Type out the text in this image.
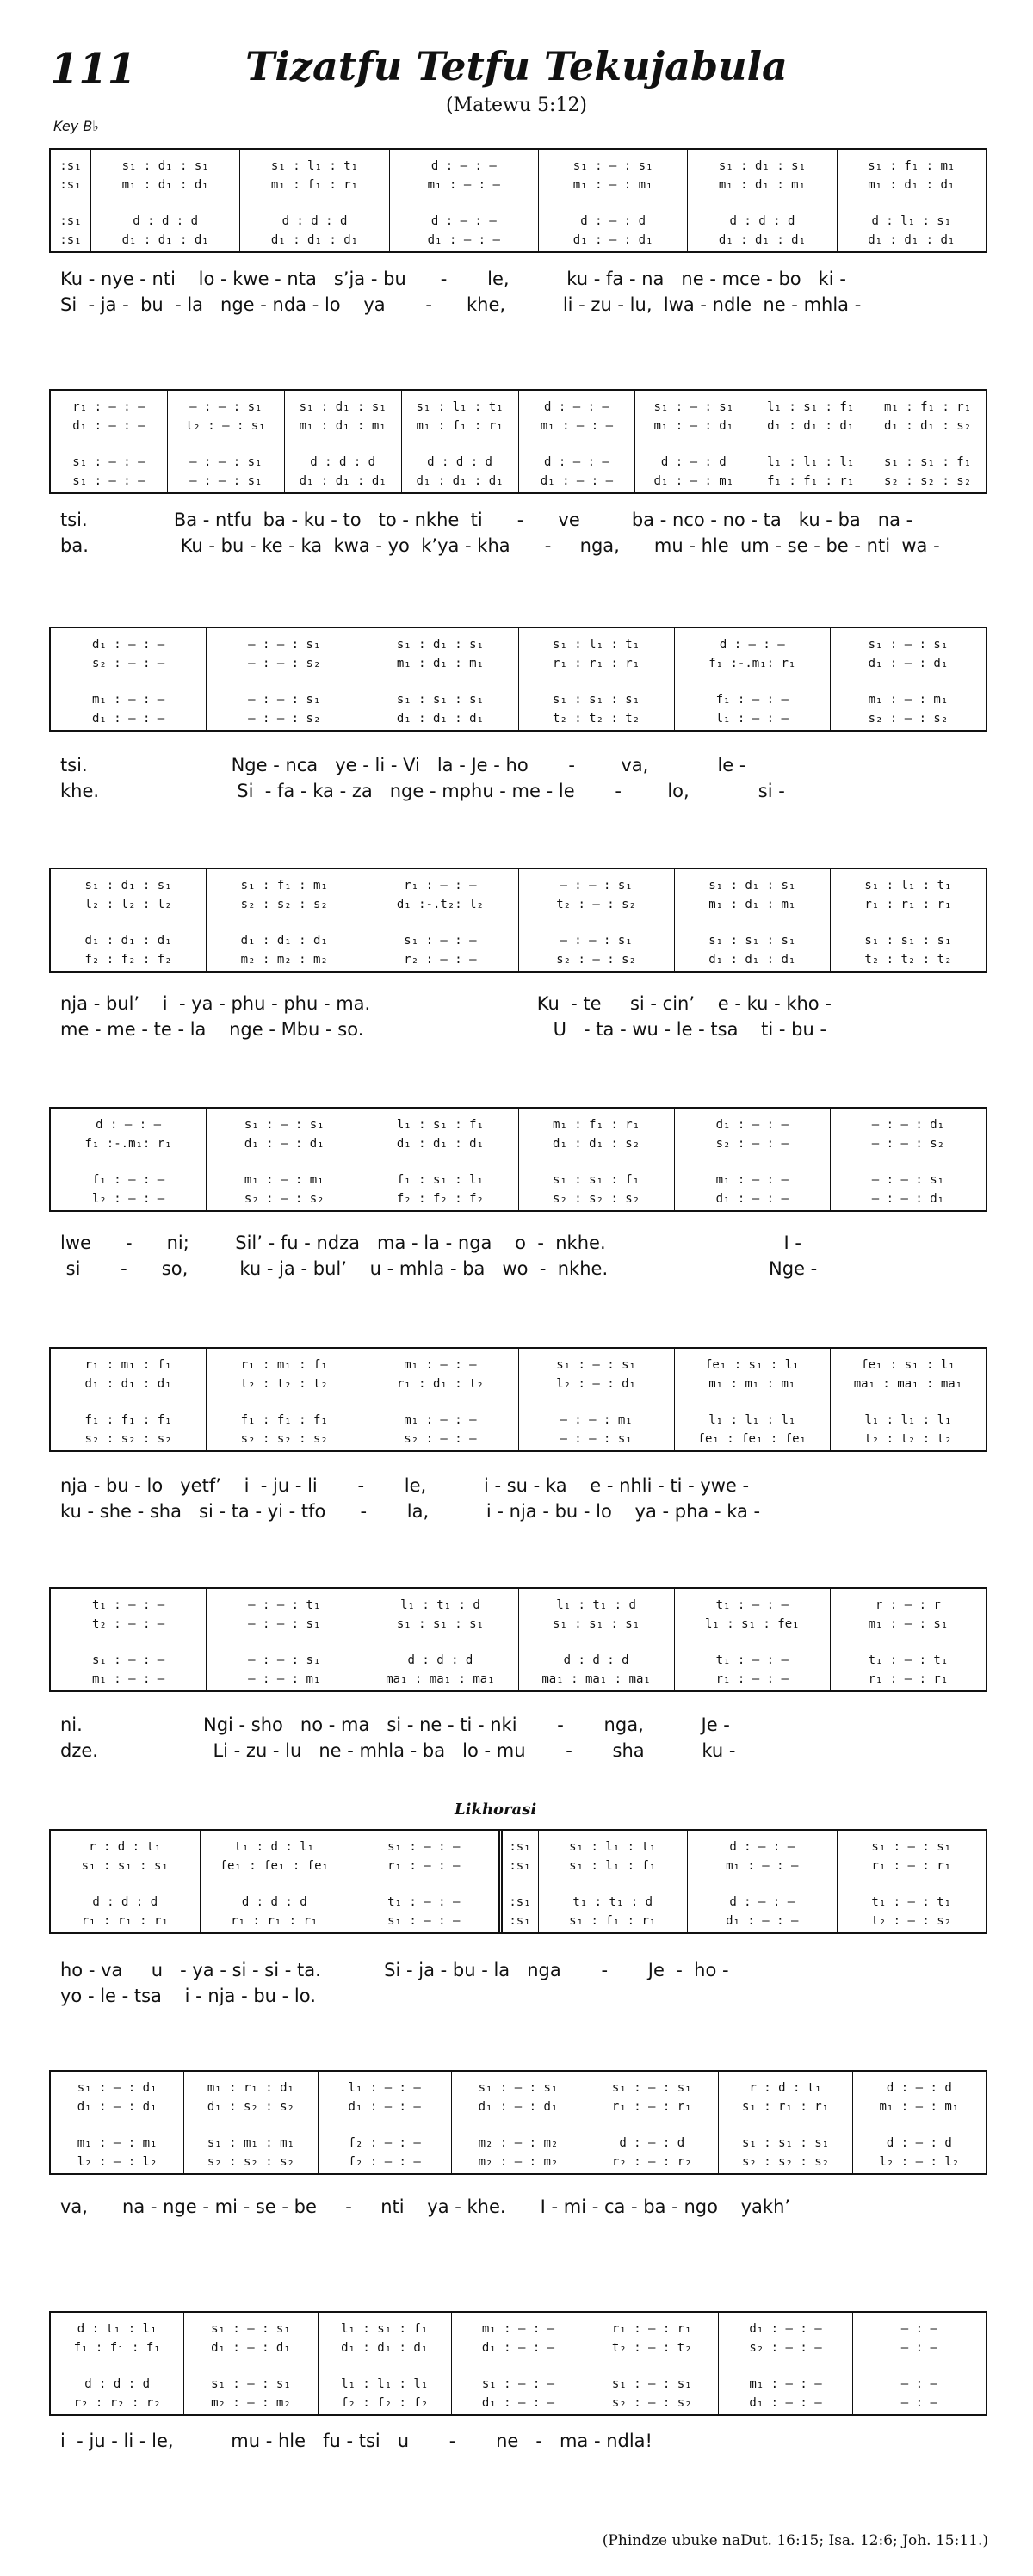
111	Tizatfu Tetfu Tekujabula
(Matewu 5:12)
Key B♭
:s₁
:s₁
:s₁
:s₁
s₁ : d₁ : s₁
m₁ : d₁ : d₁
d : d : d
d₁ : d₁ : d₁
s₁ : l₁ : t₁
m₁ : f₁ : r₁
d : d : d
d₁ : d₁ : d₁
d : — : —
m₁ : — : —
d : — : —
d₁ : — : —
s₁ : — : s₁
m₁ : — : m₁
d : — : d
d₁ : — : d₁
s₁ : d₁ : s₁
m₁ : d₁ : m₁
d : d : d
d₁ : d₁ : d₁
s₁ : f₁ : m₁
m₁ : d₁ : d₁
d : l₁ : s₁
d₁ : d₁ : d₁
r₁ : — : —
d₁ : — : —
s₁ : — : —
s₁ : — : —
— : — : s₁
t₂ : — : s₁
— : — : s₁
— : — : s₁
s₁ : d₁ : s₁
m₁ : d₁ : m₁
d : d : d
d₁ : d₁ : d₁
s₁ : l₁ : t₁
m₁ : f₁ : r₁
d : d : d
d₁ : d₁ : d₁
d : — : —
m₁ : — : —
d : — : —
d₁ : — : —
s₁ : — : s₁
m₁ : — : d₁
d : — : d
d₁ : — : m₁
l₁ : s₁ : f₁
d₁ : d₁ : d₁
l₁ : l₁ : l₁
f₁ : f₁ : r₁
m₁ : f₁ : r₁
d₁ : d₁ : s₂
s₁ : s₁ : f₁
s₂ : s₂ : s₂
d₁ : — : —
s₂ : — : —
m₁ : — : —
d₁ : — : —
— : — : s₁
— : — : s₂
— : — : s₁
— : — : s₂
s₁ : d₁ : s₁
m₁ : d₁ : m₁
s₁ : s₁ : s₁
d₁ : d₁ : d₁
s₁ : l₁ : t₁
r₁ : r₁ : r₁
s₁ : s₁ : s₁
t₂ : t₂ : t₂
d : — : —
f₁ :-.m₁: r₁
f₁ : — : —
l₁ : — : —
s₁ : — : s₁
d₁ : — : d₁
m₁ : — : m₁
s₂ : — : s₂
s₁ : d₁ : s₁
l₂ : l₂ : l₂
d₁ : d₁ : d₁
f₂ : f₂ : f₂
s₁ : f₁ : m₁
s₂ : s₂ : s₂
d₁ : d₁ : d₁
m₂ : m₂ : m₂
r₁ : — : —
d₁ :-.t₂: l₂
s₁ : — : —
r₂ : — : —
— : — : s₁
t₂ : — : s₂
— : — : s₁
s₂ : — : s₂
s₁ : d₁ : s₁
m₁ : d₁ : m₁
s₁ : s₁ : s₁
d₁ : d₁ : d₁
s₁ : l₁ : t₁
r₁ : r₁ : r₁
s₁ : s₁ : s₁
t₂ : t₂ : t₂
d : — : —
f₁ :-.m₁: r₁
f₁ : — : —
l₂ : — : —
s₁ : — : s₁
d₁ : — : d₁
m₁ : — : m₁
s₂ : — : s₂
l₁ : s₁ : f₁
d₁ : d₁ : d₁
f₁ : s₁ : l₁
f₂ : f₂ : f₂
m₁ : f₁ : r₁
d₁ : d₁ : s₂
s₁ : s₁ : f₁
s₂ : s₂ : s₂
d₁ : — : —
s₂ : — : —
m₁ : — : —
d₁ : — : —
— : — : d₁
— : — : s₂
— : — : s₁
— : — : d₁
r₁ : m₁ : f₁
d₁ : d₁ : d₁
f₁ : f₁ : f₁
s₂ : s₂ : s₂
r₁ : m₁ : f₁
t₂ : t₂ : t₂
f₁ : f₁ : f₁
s₂ : s₂ : s₂
m₁ : — : —
r₁ : d₁ : t₂
m₁ : — : —
s₂ : — : —
s₁ : — : s₁
l₂ : — : d₁
— : — : m₁
— : — : s₁
fe₁ : s₁ : l₁
m₁ : m₁ : m₁
l₁ : l₁ : l₁
fe₁ : fe₁ : fe₁
fe₁ : s₁ : l₁
ma₁ : ma₁ : ma₁
l₁ : l₁ : l₁
t₂ : t₂ : t₂
t₁ : — : —
t₂ : — : —
s₁ : — : —
m₁ : — : —
— : — : t₁
— : — : s₁
— : — : s₁
— : — : m₁
l₁ : t₁ : d
s₁ : s₁ : s₁
d : d : d
ma₁ : ma₁ : ma₁
l₁ : t₁ : d
s₁ : s₁ : s₁
d : d : d
ma₁ : ma₁ : ma₁
t₁ : — : —
l₁ : s₁ : fe₁
t₁ : — : —
r₁ : — : —
r : — : r
m₁ : — : s₁
t₁ : — : t₁
r₁ : — : r₁
r : d : t₁
s₁ : s₁ : s₁
d : d : d
r₁ : r₁ : r₁
t₁ : d : l₁
fe₁ : fe₁ : fe₁
d : d : d
r₁ : r₁ : r₁
s₁ : — : —
r₁ : — : —
t₁ : — : —
s₁ : — : —
:s₁
:s₁
:s₁
:s₁
s₁ : l₁ : t₁
s₁ : l₁ : f₁
t₁ : t₁ : d
s₁ : f₁ : r₁
d : — : —
m₁ : — : —
d : — : —
d₁ : — : —
s₁ : — : s₁
r₁ : — : r₁
t₁ : — : t₁
t₂ : — : s₂
s₁ : — : d₁
d₁ : — : d₁
m₁ : — : m₁
l₂ : — : l₂
m₁ : r₁ : d₁
d₁ : s₂ : s₂
s₁ : m₁ : m₁
s₂ : s₂ : s₂
l₁ : — : —
d₁ : — : —
f₂ : — : —
f₂ : — : —
s₁ : — : s₁
d₁ : — : d₁
m₂ : — : m₂
m₂ : — : m₂
s₁ : — : s₁
r₁ : — : r₁
d : — : d
r₂ : — : r₂
r : d : t₁
s₁ : r₁ : r₁
s₁ : s₁ : s₁
s₂ : s₂ : s₂
d : — : d
m₁ : — : m₁
d : — : d
l₂ : — : l₂
d : t₁ : l₁
f₁ : f₁ : f₁
d : d : d
r₂ : r₂ : r₂
s₁ : — : s₁
d₁ : — : d₁
s₁ : — : s₁
m₂ : — : m₂
l₁ : s₁ : f₁
d₁ : d₁ : d₁
l₁ : l₁ : l₁
f₂ : f₂ : f₂
m₁ : — : —
d₁ : — : —
s₁ : — : —
d₁ : — : —
r₁ : — : r₁
t₂ : — : t₂
s₁ : — : s₁
s₂ : — : s₂
d₁ : — : —
s₂ : — : —
m₁ : — : —
d₁ : — : —
— : —
— : —
— : —
— : —
Likhorasi
(Phindze ubuke naDut. 16:15; Isa. 12:6; Joh. 15:11.)
Ku - nye - nti    lo - kwe - nta   s’ja - bu      -       le,          ku - fa - na   ne - mce - bo   ki -
Si  - ja -  bu  - la   nge - nda - lo    ya       -      khe,          li - zu - lu,  lwa - ndle  ne - mhla -
tsi.               Ba - ntfu  ba - ku - to   to - nkhe  ti      -      ve         ba - nco - no - ta   ku - ba   na -
ba.                Ku - bu - ke - ka  kwa - yo  k’ya - kha      -     nga,      mu - hle  um - se - be - nti  wa -
tsi.                         Nge - nca   ye - li - Vi   la - Je - ho       -        va,            le -
khe.                        Si  - fa - ka - za   nge - mphu - me - le       -        lo,            si -
nja - bul’    i  - ya - phu - phu - ma.                             Ku  - te     si - cin’    e - ku - kho -
me - me - te - la    nge - Mbu - so.                                 U   - ta - wu - le - tsa    ti - bu -
lwe      -      ni;        Sil’ - fu - ndza   ma - la - nga    o  -  nkhe.                               I -
si       -      so,         ku - ja - bul’    u - mhla - ba   wo  -  nkhe.                            Nge -
nja - bu - lo   yetf’    i  - ju - li       -       le,          i - su - ka    e - nhli - ti - ywe -
ku - she - sha   si - ta - yi - tfo      -       la,          i - nja - bu - lo    ya - pha - ka -
ni.                     Ngi - sho   no - ma   si - ne - ti - nki       -       nga,          Je -
dze.                    Li - zu - lu   ne - mhla - ba   lo - mu       -       sha          ku -
ho - va     u   - ya - si - si - ta.           Si - ja - bu - la   nga       -       Je  -  ho -
yo - le - tsa    i - nja - bu - lo.
va,      na - nge - mi - se - be     -     nti    ya - khe.      I - mi - ca - ba - ngo    yakh’
i  - ju - li - le,          mu - hle   fu - tsi   u       -       ne   -   ma - ndla!
